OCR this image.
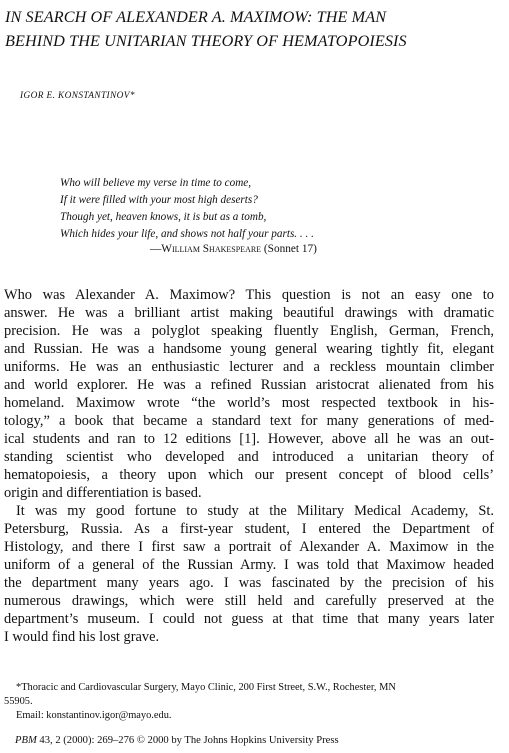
IN SEARCH OF ALEXANDER A. MAXIMOW: THE MAN
BEHIND THE UNITARIAN THEORY OF HEMATOPOIESIS
IGOR E. KONSTANTINOV*
Who will believe my verse in time to come,
If it were filled with your most high deserts?
Though yet, heaven knows, it is but as a tomb,
Which hides your life, and shows not half your parts. . . .
—William Shakespeare (Sonnet 17)

Who was Alexander A. Maximow? This question is not an easy one to
answer. He was a brilliant artist making beautiful drawings with dramatic
precision. He was a polyglot speaking fluently English, German, French,
and Russian. He was a handsome young general wearing tightly fit, elegant
uniforms. He was an enthusiastic lecturer and a reckless mountain climber
and world explorer. He was a refined Russian aristocrat alienated from his
homeland. Maximow wrote “the world’s most respected textbook in his-
tology,” a book that became a standard text for many generations of med-
ical students and ran to 12 editions [1]. However, above all he was an out-
standing scientist who developed and introduced a unitarian theory of
hematopoiesis, a theory upon which our present concept of blood cells’
origin and differentiation is based.

It was my good fortune to study at the Military Medical Academy, St.
Petersburg, Russia. As a first-year student, I entered the Department of
Histology, and there I first saw a portrait of Alexander A. Maximow in the
uniform of a general of the Russian Army. I was told that Maximow headed
the department many years ago. I was fascinated by the precision of his
numerous drawings, which were still held and carefully preserved at the
department’s museum. I could not guess at that time that many years later
I would find his lost grave.

*Thoracic and Cardiovascular Surgery, Mayo Clinic, 200 First Street, S.W., Rochester, MN
55905.
Email: konstantinov.igor@mayo.edu.
PBM 43, 2 (2000): 269–276 © 2000 by The Johns Hopkins University Press
